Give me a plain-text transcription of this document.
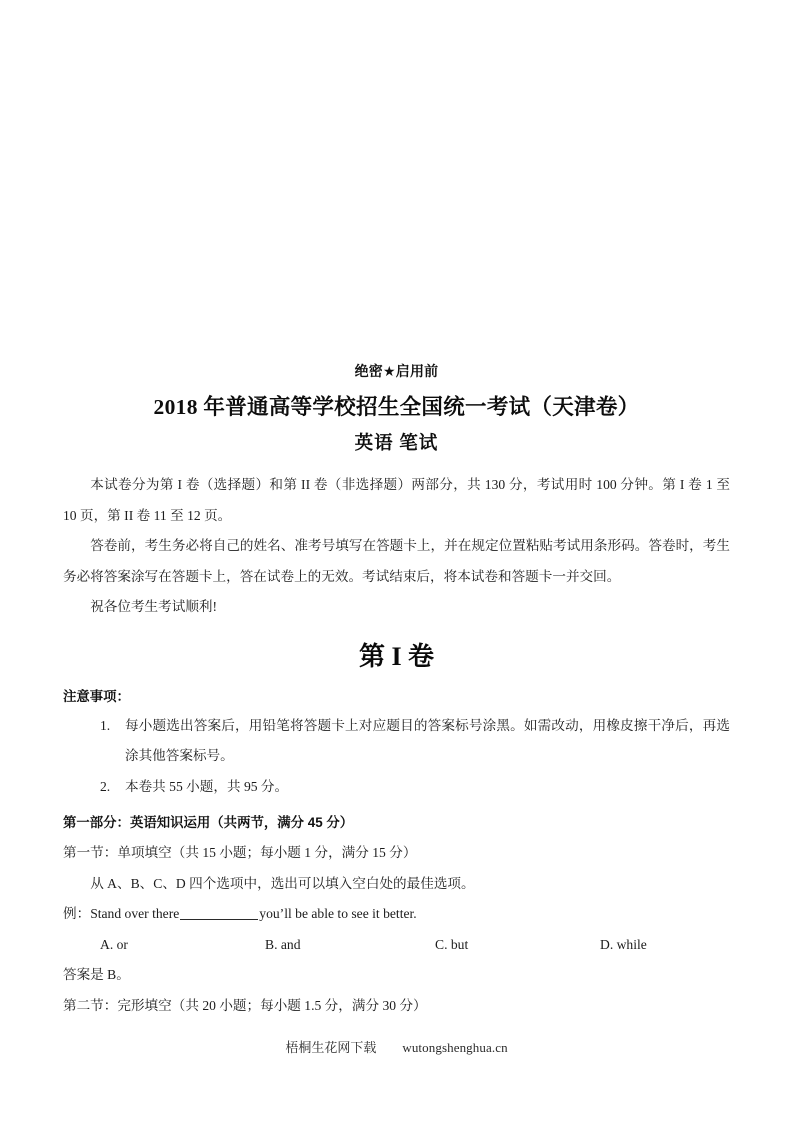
绝密★启用前
2018 年普通高等学校招生全国统一考试（天津卷）
英语 笔试

本试卷分为第 I 卷（选择题）和第 II 卷（非选择题）两部分，共 130 分，考试用时 100 分钟。第 I 卷 1 至 10 页，第 II 卷 11 至 12 页。

答卷前，考生务必将自己的姓名、准考号填写在答题卡上，并在规定位置粘贴考试用条形码。答卷时，考生务必将答案涂写在答题卡上，答在试卷上的无效。考试结束后，将本试卷和答题卡一并交回。

祝各位考生考试顺利!

第 I 卷
注意事项：
1.	每小题选出答案后，用铅笔将答题卡上对应题目的答案标号涂黑。如需改动，用橡皮擦干净后，再选涂其他答案标号。
2.	本卷共 55 小题，共 95 分。
第一部分：英语知识运用（共两节，满分 45 分）
第一节：单项填空（共 15 小题；每小题 1 分，满分 15 分）
从 A、B、C、D 四个选项中，选出可以填入空白处的最佳选项。
例：Stand over there	you’ll be able to see it better.
A. or	B. and	C. but	D. while
答案是 B。
第二节：完形填空（共 20 小题；每小题 1.5 分，满分 30 分）
梧桐生花网下载 wutongshenghua.cn
